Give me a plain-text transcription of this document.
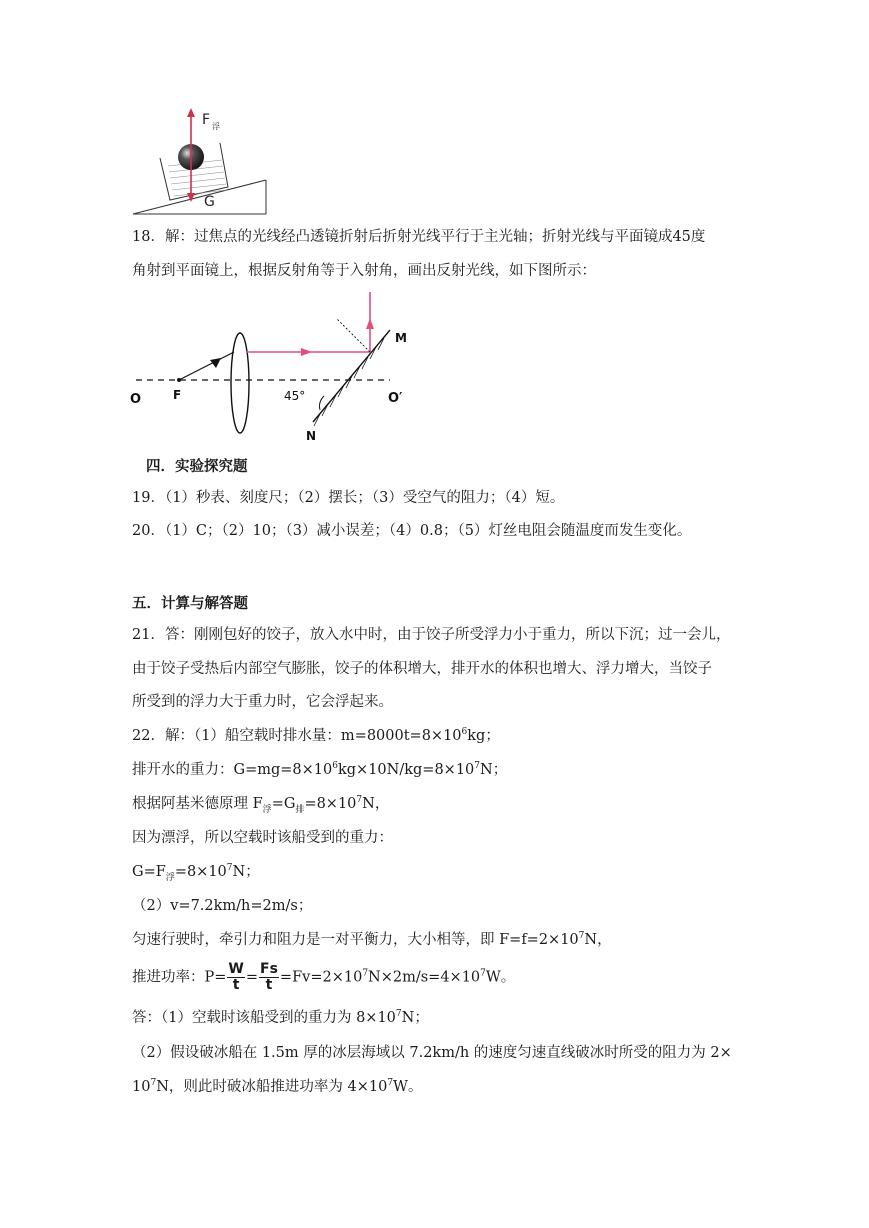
F 浮
G
18．解：过焦点的光线经凸透镜折射后折射光线平行于主光轴；折射光线与平面镜成45度
角射到平面镜上，根据反射角等于入射角，画出反射光线，如下图所示：
O	F	45°	O′
M
N
四．实验探究题
19．（1）秒表、刻度尺；（2）摆长；（3）受空气的阻力；（4）短。
20．（1）C；（2）10；（3）减小误差；（4）0.8；（5）灯丝电阻会随温度而发生变化。
五．计算与解答题
21．答：刚刚包好的饺子，放入水中时，由于饺子所受浮力小于重力，所以下沉；过一会儿，
由于饺子受热后内部空气膨胀，饺子的体积增大，排开水的体积也增大、浮力增大，当饺子
所受到的浮力大于重力时，它会浮起来。
22．解：（1）船空载时排水量：$m=8000t=8\times 10^6kg$；
排开水的重力：$G=mg=8\times 10^6kg\times 10N/kg=8\times 10^7N$；
根据阿基米德原理 $F_浮=G_排=8\times 10^7N$，
因为漂浮，所以空载时该船受到的重力：
$G=F_浮=8\times 10^7N$；
（2）v=7.2km/h=2m/s；
匀速行驶时，牵引力和阻力是一对平衡力，大小相等，即 $F=f=2\times 10^7N$，
推进功率：$P= \frac{W}{t} = \frac{Fs}{t} =Fv=2\times 10^7N\times 2m/s=4\times 10^7W$。
答：（1）空载时该船受到的重力为 $8\times 10^7N$；
（2）假设破冰船在 1.5m 厚的冰层海域以 7.2km/h 的速度匀速直线破冰时所受的阻力为 2×
$10^7N$，则此时破冰船推进功率为 $4\times 10^7W$。
